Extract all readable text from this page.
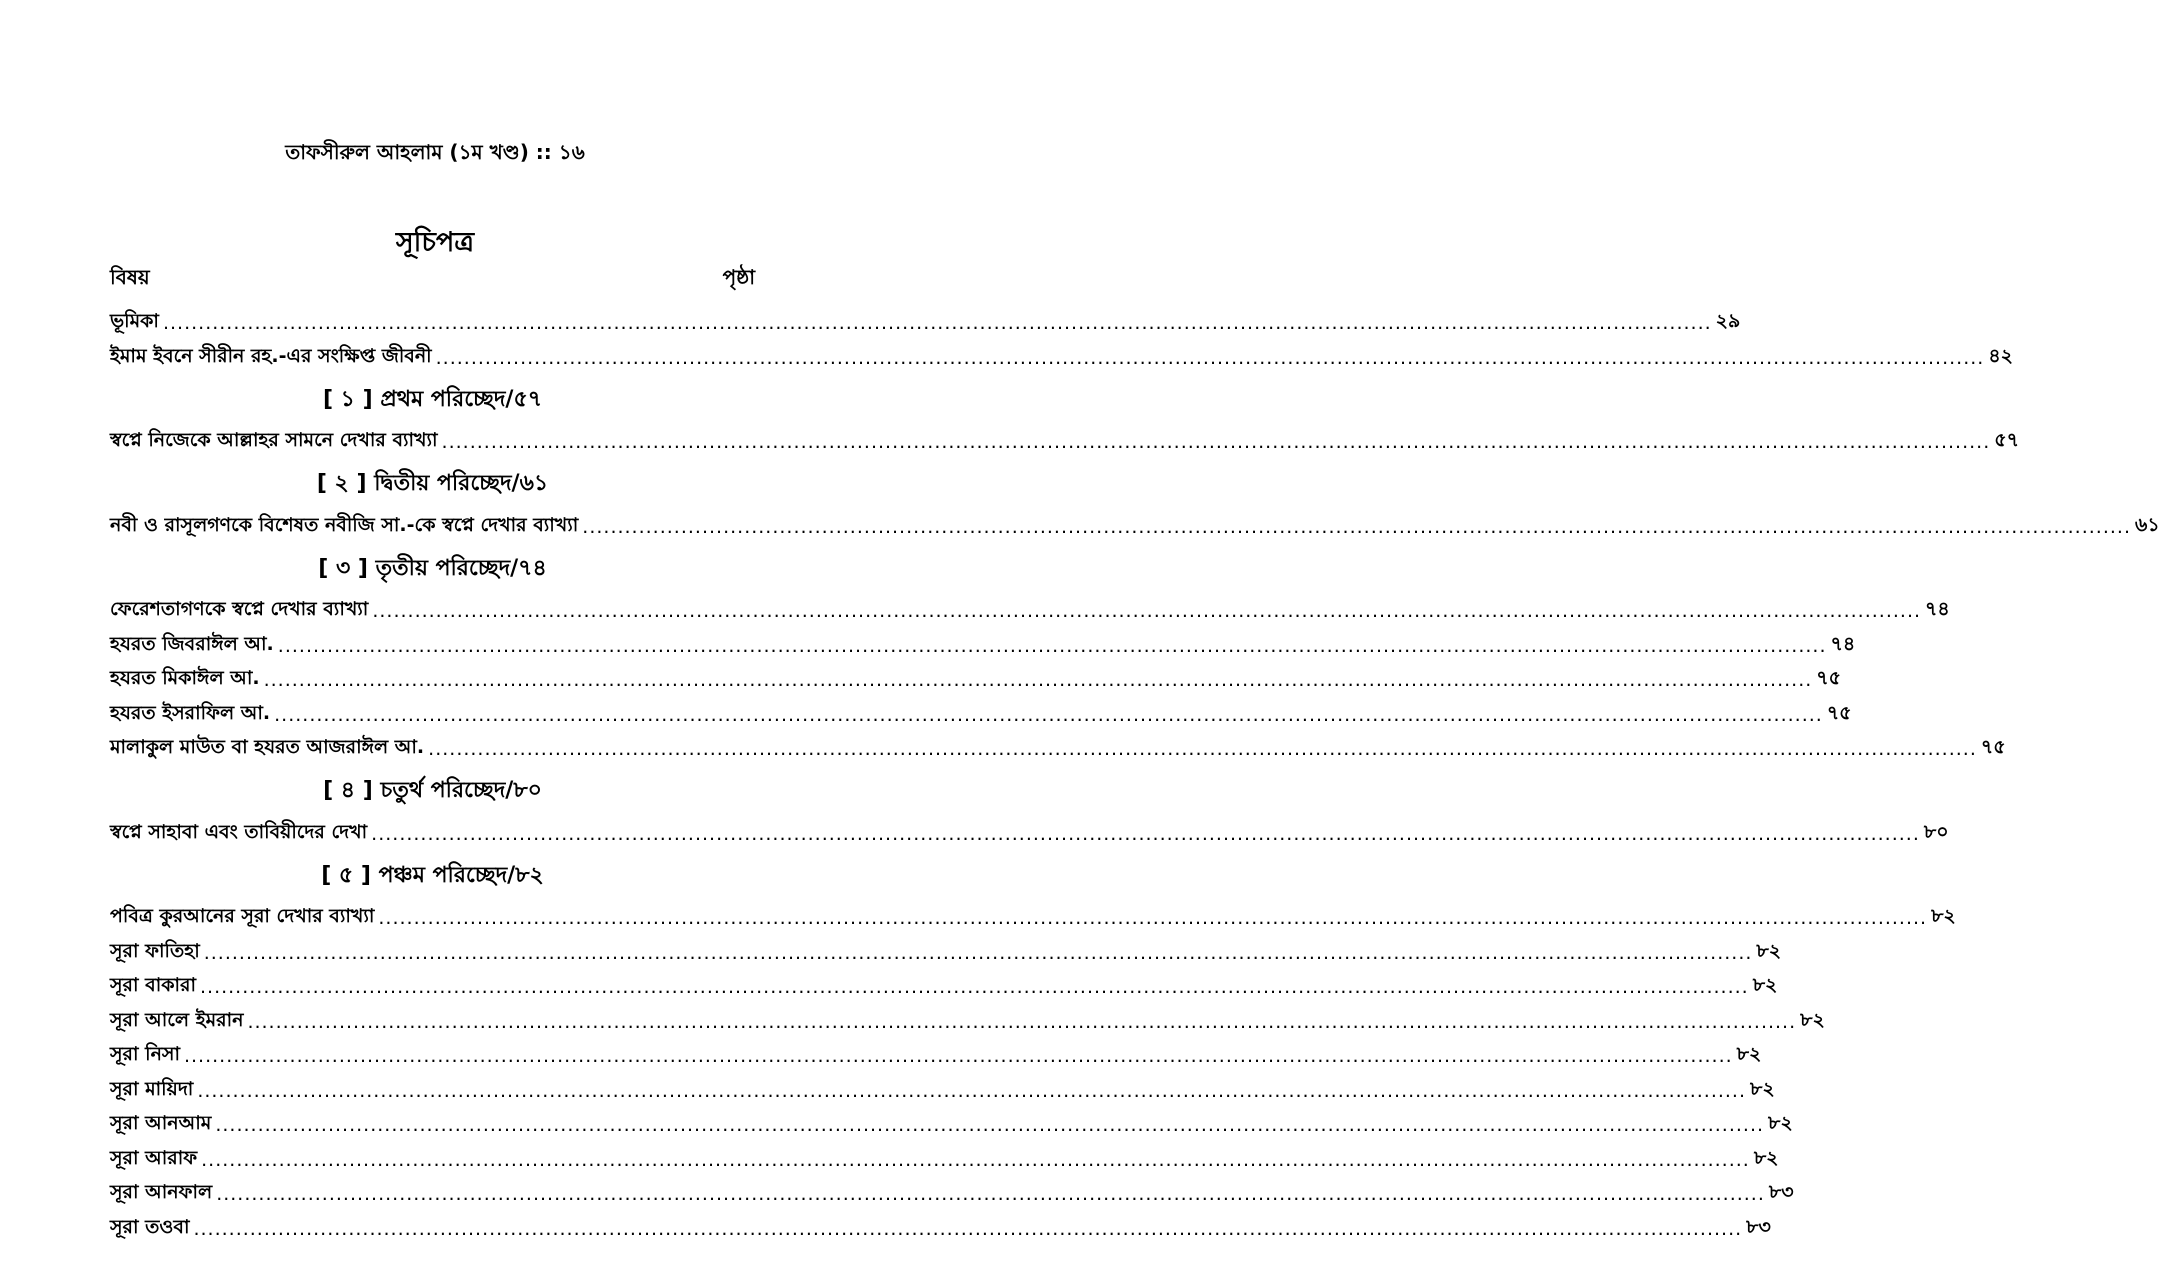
তাফসীরুল আহলাম (১ম খণ্ড) :: ১৬
সূচিপত্র
বিষয়	পৃষ্ঠা
ভূমিকা ............................................................................................................................................................................................................................ ২৯
ইমাম ইবনে সীরীন রহ.-এর সংক্ষিপ্ত জীবনী ............................................................................................................................................................................................................................ ৪২
[ ১ ] প্রথম পরিচ্ছেদ/৫৭
স্বপ্নে নিজেকে আল্লাহর সামনে দেখার ব্যাখ্যা ............................................................................................................................................................................................................................ ৫৭
[ ২ ] দ্বিতীয় পরিচ্ছেদ/৬১
নবী ও রাসূলগণকে বিশেষত নবীজি সা.-কে স্বপ্নে দেখার ব্যাখ্যা ............................................................................................................................................................................................................................ ৬১
[ ৩ ] তৃতীয় পরিচ্ছেদ/৭৪
ফেরেশতাগণকে স্বপ্নে দেখার ব্যাখ্যা ............................................................................................................................................................................................................................ ৭৪
হযরত জিবরাঈল আ. ............................................................................................................................................................................................................................ ৭৪
হযরত মিকাঈল আ. ............................................................................................................................................................................................................................ ৭৫
হযরত ইসরাফিল আ. ............................................................................................................................................................................................................................ ৭৫
মালাকুল মাউত বা হযরত আজরাঈল আ. ............................................................................................................................................................................................................................ ৭৫
[ ৪ ] চতুর্থ পরিচ্ছেদ/৮০
স্বপ্নে সাহাবা এবং তাবিয়ীদের দেখা ............................................................................................................................................................................................................................ ৮০
[ ৫ ] পঞ্চম পরিচ্ছেদ/৮২
পবিত্র কুরআনের সূরা দেখার ব্যাখ্যা ............................................................................................................................................................................................................................ ৮২
সূরা ফাতিহা ............................................................................................................................................................................................................................ ৮২
সূরা বাকারা ............................................................................................................................................................................................................................ ৮২
সূরা আলে ইমরান ............................................................................................................................................................................................................................ ৮২
সূরা নিসা ............................................................................................................................................................................................................................ ৮২
সূরা মায়িদা ............................................................................................................................................................................................................................ ৮২
সূরা আনআম ............................................................................................................................................................................................................................ ৮২
সূরা আরাফ ............................................................................................................................................................................................................................ ৮২
সূরা আনফাল ............................................................................................................................................................................................................................ ৮৩
সূরা তওবা ............................................................................................................................................................................................................................ ৮৩
